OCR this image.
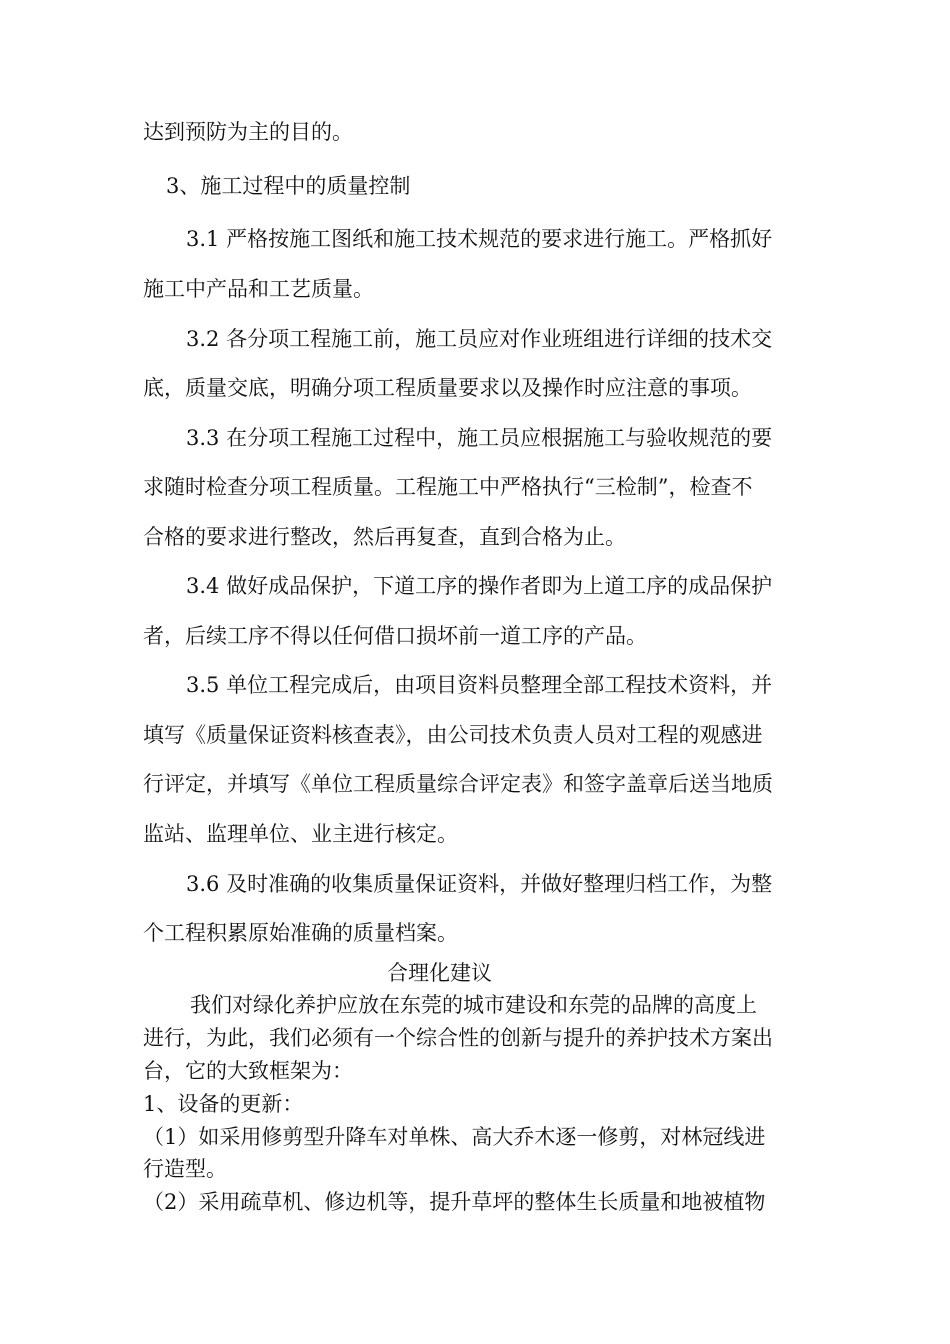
达到预防为主的目的。

3、施工过程中的质量控制

3.1 严格按施工图纸和施工技术规范的要求进行施工。严格抓好

施工中产品和工艺质量。

3.2 各分项工程施工前，施工员应对作业班组进行详细的技术交

底，质量交底，明确分项工程质量要求以及操作时应注意的事项。

3.3 在分项工程施工过程中，施工员应根据施工与验收规范的要

求随时检查分项工程质量。工程施工中严格执行“三检制”，检查不

合格的要求进行整改，然后再复查，直到合格为止。

3.4 做好成品保护，下道工序的操作者即为上道工序的成品保护

者，后续工序不得以任何借口损坏前一道工序的产品。

3.5 单位工程完成后，由项目资料员整理全部工程技术资料，并

填写《质量保证资料核查表》，由公司技术负责人员对工程的观感进

行评定，并填写《单位工程质量综合评定表》和签字盖章后送当地质

监站、监理单位、业主进行核定。

3.6 及时准确的收集质量保证资料，并做好整理归档工作，为整

个工程积累原始准确的质量档案。

合理化建议

我们对绿化养护应放在东莞的城市建设和东莞的品牌的高度上

进行，为此，我们必须有一个综合性的创新与提升的养护技术方案出

台，它的大致框架为：

1、设备的更新：

（1）如采用修剪型升降车对单株、高大乔木逐一修剪，对林冠线进

行造型。

（2）采用疏草机、修边机等，提升草坪的整体生长质量和地被植物
